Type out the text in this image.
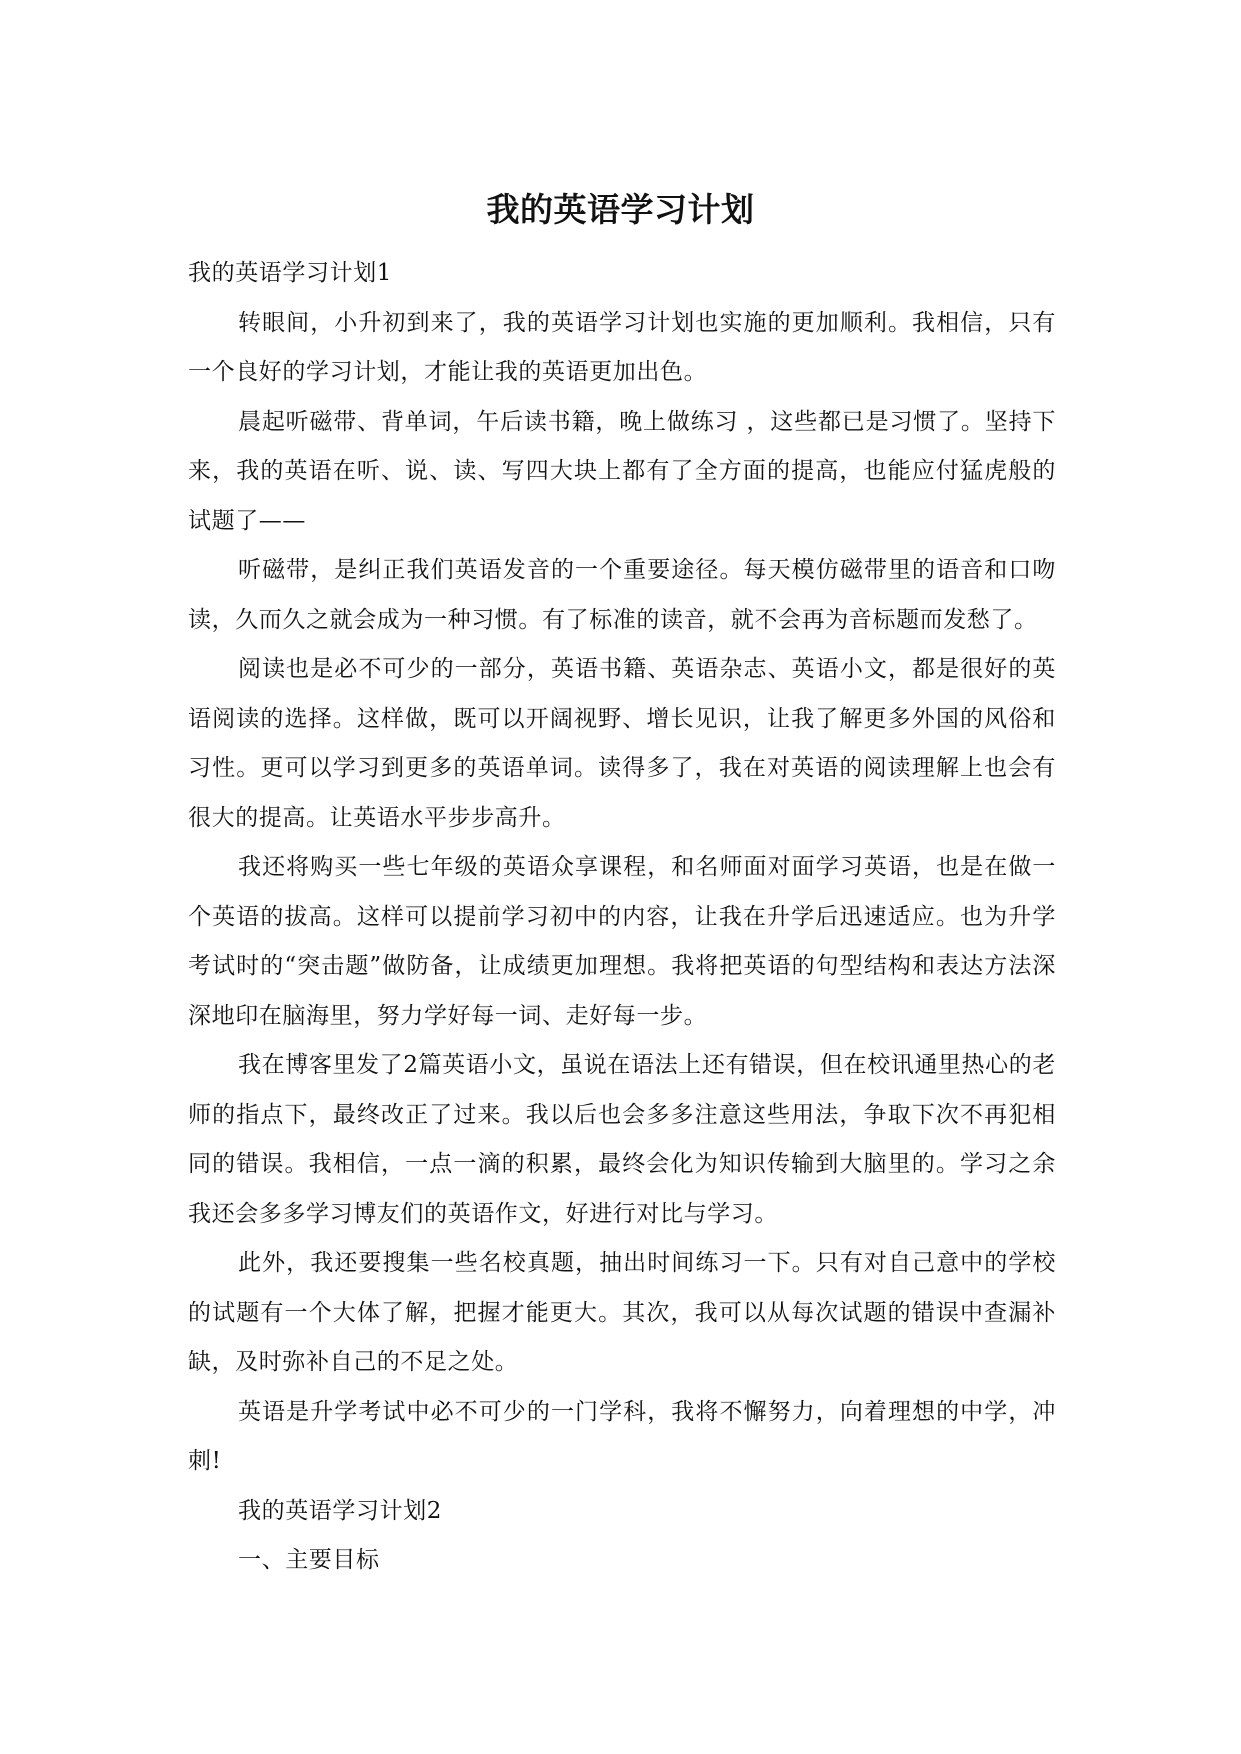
我的英语学习计划

我的英语学习计划1

转眼间，小升初到来了，我的英语学习计划也实施的更加顺利。我相信，只有一个良好的学习计划，才能让我的英语更加出色。

晨起听磁带、背单词，午后读书籍，晚上做练习 ，这些都已是习惯了。坚持下来，我的英语在听、说、读、写四大块上都有了全方面的提高，也能应付猛虎般的试题了——

听磁带，是纠正我们英语发音的一个重要途径。每天模仿磁带里的语音和口吻读，久而久之就会成为一种习惯。有了标准的读音，就不会再为音标题而发愁了。

阅读也是必不可少的一部分，英语书籍、英语杂志、英语小文，都是很好的英语阅读的选择。这样做，既可以开阔视野、增长见识，让我了解更多外国的风俗和习性。更可以学习到更多的英语单词。读得多了，我在对英语的阅读理解上也会有很大的提高。让英语水平步步高升。

我还将购买一些七年级的英语众享课程，和名师面对面学习英语，也是在做一个英语的拔高。这样可以提前学习初中的内容，让我在升学后迅速适应。也为升学考试时的“突击题”做防备，让成绩更加理想。我将把英语的句型结构和表达方法深深地印在脑海里，努力学好每一词、走好每一步。

我在博客里发了2篇英语小文，虽说在语法上还有错误，但在校讯通里热心的老师的指点下，最终改正了过来。我以后也会多多注意这些用法，争取下次不再犯相同的错误。我相信，一点一滴的积累，最终会化为知识传输到大脑里的。学习之余我还会多多学习博友们的英语作文，好进行对比与学习。

此外，我还要搜集一些名校真题，抽出时间练习一下。只有对自己意中的学校的试题有一个大体了解，把握才能更大。其次，我可以从每次试题的错误中查漏补缺，及时弥补自己的不足之处。

英语是升学考试中必不可少的一门学科，我将不懈努力，向着理想的中学，冲刺!

我的英语学习计划2

一、主要目标
